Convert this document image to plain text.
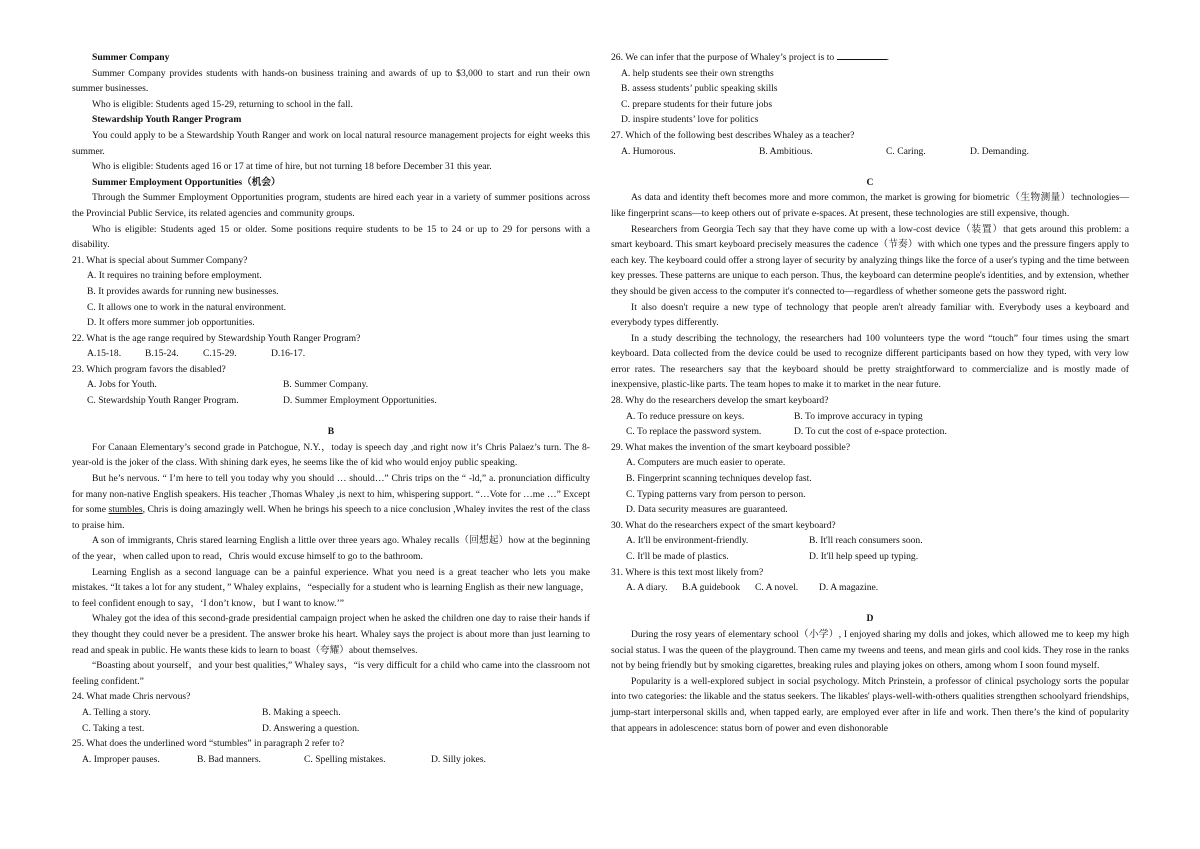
Summer Company

Summer Company provides students with hands-on business training and awards of up to $3,000 to start and run their own summer businesses.

Who is eligible: Students aged 15-29, returning to school in the fall.

Stewardship Youth Ranger Program

You could apply to be a Stewardship Youth Ranger and work on local natural resource management projects for eight weeks this summer.

Who is eligible: Students aged 16 or 17 at time of hire, but not turning 18 before December 31 this year.

Summer Employment Opportunities（机会）

Through the Summer Employment Opportunities program, students are hired each year in a variety of summer positions across the Provincial Public Service, its related agencies and community groups.

Who is eligible: Students aged 15 or older. Some positions require students to be 15 to 24 or up to 29 for persons with a disability.

21. What is special about Summer Company?

A. It requires no training before employment.

B. It provides awards for running new businesses.

C. It allows one to work in the natural environment.

D. It offers more summer job opportunities.

22. What is the age range required by Stewardship Youth Ranger Program?

A.15-18.	B.15-24.	C.15-29.	D.16-17.

23. Which program favors the disabled?

A. Jobs for Youth.	B. Summer Company.
C. Stewardship Youth Ranger Program.	D. Summer Employment Opportunities.

B

For Canaan Elementary’s second grade in Patchogue, N.Y.，today is speech day ,and right now it’s Chris Palaez’s turn. The 8-year-old is the joker of the class. With shining dark eyes, he seems like the of kid who would enjoy public speaking.

But he’s nervous. “ I’m here to tell you today why you should … should…” Chris trips on the “ -ld,” a. pronunciation difficulty for many non-native English speakers. His teacher ,Thomas Whaley ,is next to him, whispering support. “…Vote for …me …” Except for some stumbles, Chris is doing amazingly well. When he brings his speech to a nice conclusion ,Whaley invites the rest of the class to praise him.

A son of immigrants, Chris stared learning English a little over three years ago. Whaley recalls（回想起）how at the beginning of the year，when called upon to read，Chris would excuse himself to go to the bathroom.

Learning English as a second language can be a painful experience. What you need is a great teacher who lets you make mistakes. “It takes a lot for any student，” Whaley explains，“especially for a student who is learning English as their new language，to feel confident enough to say，‘I don’t know，but I want to know.’”

Whaley got the idea of this second-grade presidential campaign project when he asked the children one day to raise their hands if they thought they could never be a president. The answer broke his heart. Whaley says the project is about more than just learning to read and speak in public. He wants these kids to learn to boast（夸耀）about themselves.

“Boasting about yourself，and your best qualities,” Whaley says，“is very difficult for a child who came into the classroom not feeling confident.”

24. What made Chris nervous?

A. Telling a story.	B. Making a speech.
C. Taking a test.	D. Answering a question.

25. What does the underlined word “stumbles” in paragraph 2 refer to?

A. Improper pauses.	B. Bad manners.	C. Spelling mistakes.	D. Silly jokes.

26. We can infer that the purpose of Whaley’s project is to	.

A. help students see their own strengths

B. assess students’ public speaking skills

C. prepare students for their future jobs

D. inspire students’ love for politics

27. Which of the following best describes Whaley as a teacher?

A. Humorous.	B. Ambitious.	C. Caring.	D. Demanding.

C

As data and identity theft becomes more and more common, the market is growing for biometric（生物测量）technologies—like fingerprint scans—to keep others out of private e-spaces. At present, these technologies are still expensive, though.

Researchers from Georgia Tech say that they have come up with a low-cost device（装置）that gets around this problem: a smart keyboard. This smart keyboard precisely measures the cadence（节奏）with which one types and the pressure fingers apply to each key. The keyboard could offer a strong layer of security by analyzing things like the force of a user's typing and the time between key presses. These patterns are unique to each person. Thus, the keyboard can determine people's identities, and by extension, whether they should be given access to the computer it's connected to—regardless of whether someone gets the password right.

It also doesn't require a new type of technology that people aren't already familiar with. Everybody uses a keyboard and everybody types differently.

In a study describing the technology, the researchers had 100 volunteers type the word “touch” four times using the smart keyboard. Data collected from the device could be used to recognize different participants based on how they typed, with very low error rates. The researchers say that the keyboard should be pretty straightforward to commercialize and is mostly made of inexpensive, plastic-like parts. The team hopes to make it to market in the near future.

28. Why do the researchers develop the smart keyboard?

A. To reduce pressure on keys.	B. To improve accuracy in typing
C. To replace the password system.	D. To cut the cost of e-space protection.

29. What makes the invention of the smart keyboard possible?

A. Computers are much easier to operate.

B. Fingerprint scanning techniques develop fast.

C. Typing patterns vary from person to person.

D. Data security measures are guaranteed.

30. What do the researchers expect of the smart keyboard?

A. It'll be environment-friendly.	B. It'll reach consumers soon.
C. It'll be made of plastics.	D. It'll help speed up typing.

31. Where is this text most likely from?

A. A diary.	B.A guidebook	C. A novel.	D. A magazine.

D

During the rosy years of elementary school（小学）, I enjoyed sharing my dolls and jokes, which allowed me to keep my high social status. I was the queen of the playground. Then came my tweens and teens, and mean girls and cool kids. They rose in the ranks not by being friendly but by smoking cigarettes, breaking rules and playing jokes on others, among whom I soon found myself.

Popularity is a well-explored subject in social psychology. Mitch Prinstein, a professor of clinical psychology sorts the popular into two categories: the likable and the status seekers. The likables' plays-well-with-others qualities strengthen schoolyard friendships, jump-start interpersonal skills and, when tapped early, are employed ever after in life and work. Then there’s the kind of popularity that appears in adolescence: status born of power and even dishonorable
